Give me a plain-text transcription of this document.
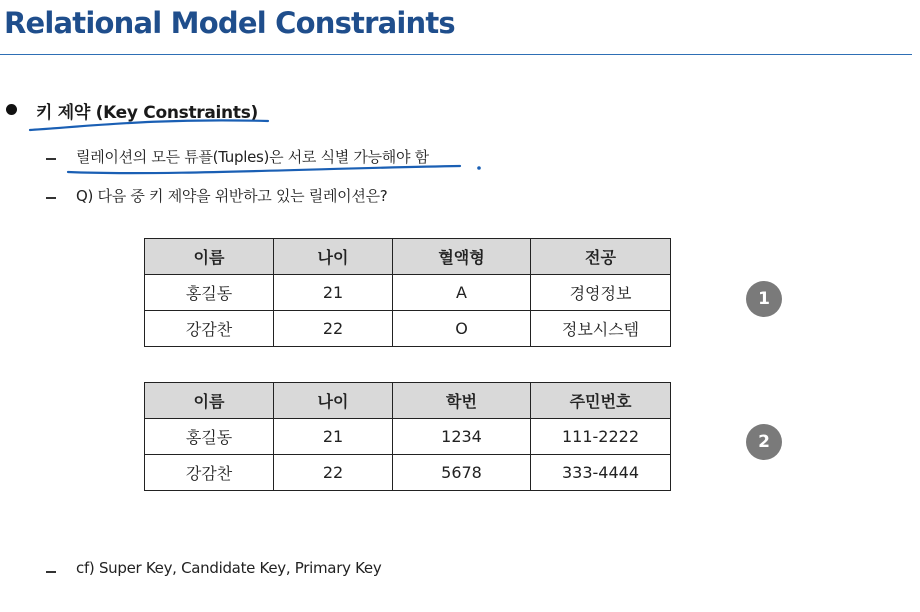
Relational Model Constraints
키 제약 (Key Constraints)
릴레이션의 모든 튜플(Tuples)은 서로 식별 가능해야 함
Q) 다음 중 키 제약을 위반하고 있는 릴레이션은?
이름	나이	혈액형	전공
홍길동	21	A	경영정보
강감찬	22	O	정보시스템
1
이름	나이	학번	주민번호
홍길동	21	1234	111-2222
강감찬	22	5678	333-4444
2
cf) Super Key, Candidate Key, Primary Key
